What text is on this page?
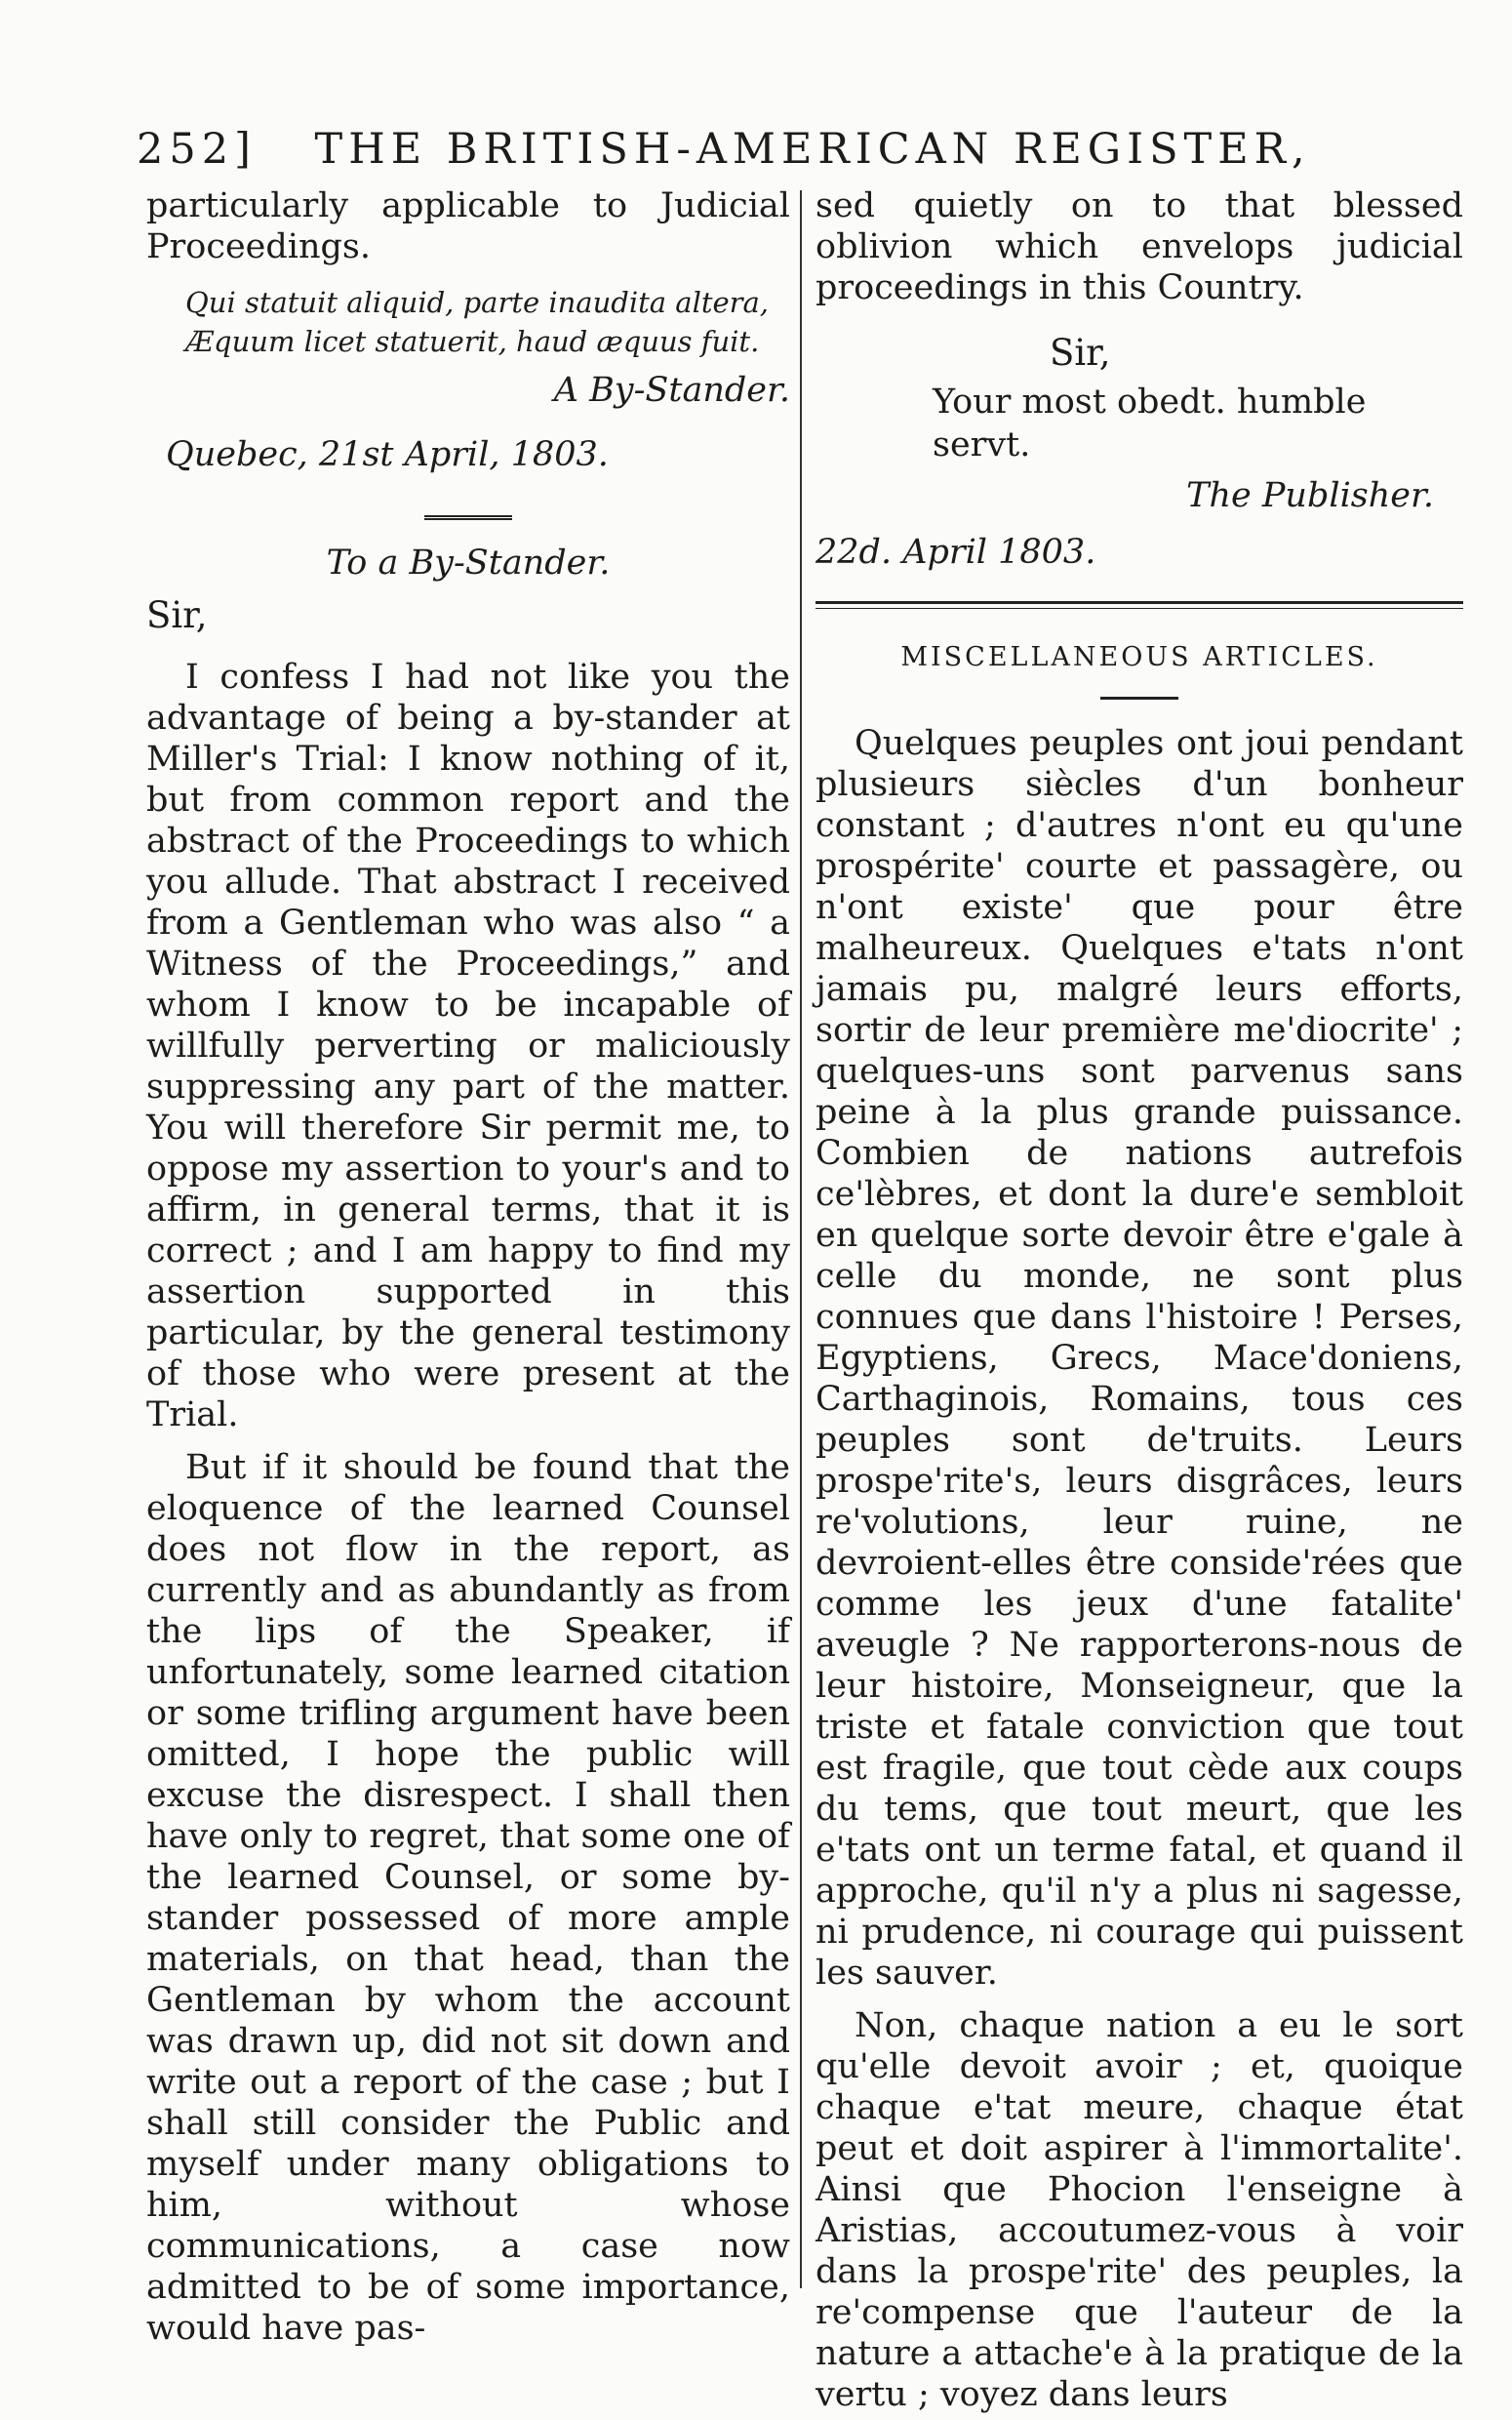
252] THE BRITISH-AMERICAN REGISTER,

particularly applicable to Judicial Proceedings.

Qui statuit aliquid, parte inaudita altera,
Æquum licet statuerit, haud æquus fuit.
A By-Stander.
Quebec, 21st April, 1803.
To a By-Stander.
Sir,

I confess I had not like you the advantage of being a by-stander at Miller's Trial: I know nothing of it, but from common report and the abstract of the Proceedings to which you allude. That abstract I received from a Gentleman who was also “ a Witness of the Proceedings,” and whom I know to be incapable of willfully perverting or maliciously suppressing any part of the matter. You will therefore Sir permit me, to oppose my assertion to your's and to affirm, in general terms, that it is correct ; and I am happy to find my assertion supported in this particular, by the general testimony of those who were present at the Trial.

But if it should be found that the eloquence of the learned Counsel does not flow in the report, as currently and as abundantly as from the lips of the Speaker, if unfortunately, some learned citation or some trifling argument have been omitted, I hope the public will excuse the disrespect. I shall then have only to regret, that some one of the learned Counsel, or some by-stander possessed of more ample materials, on that head, than the Gentleman by whom the account was drawn up, did not sit down and write out a report of the case ; but I shall still consider the Public and myself under many obligations to him, without whose communications, a case now admitted to be of some importance, would have pas-

sed quietly on to that blessed oblivion which envelops judicial proceedings in this Country.

Sir,
Your most obedt. humble servt.
The Publisher.
22d. April 1803.
MISCELLANEOUS ARTICLES.

Quelques peuples ont joui pendant plusieurs siècles d'un bonheur constant ; d'autres n'ont eu qu'une prospérite' courte et passagère, ou n'ont existe' que pour être malheureux. Quelques e'tats n'ont jamais pu, malgré leurs efforts, sortir de leur première me'diocrite' ; quelques-uns sont parvenus sans peine à la plus grande puissance. Combien de nations autrefois ce'lèbres, et dont la dure'e sembloit en quelque sorte devoir être e'gale à celle du monde, ne sont plus connues que dans l'histoire ! Perses, Egyptiens, Grecs, Mace'doniens, Carthaginois, Romains, tous ces peuples sont de'truits. Leurs prospe'rite's, leurs disgrâces, leurs re'volutions, leur ruine, ne devroient-elles être conside'rées que comme les jeux d'une fatalite' aveugle ? Ne rapporterons-nous de leur histoire, Monseigneur, que la triste et fatale conviction que tout est fragile, que tout cède aux coups du tems, que tout meurt, que les e'tats ont un terme fatal, et quand il approche, qu'il n'y a plus ni sagesse, ni prudence, ni courage qui puissent les sauver.

Non, chaque nation a eu le sort qu'elle devoit avoir ; et, quoique chaque e'tat meure, chaque état peut et doit aspirer à l'immortalite'. Ainsi que Phocion l'enseigne à Aristias, accoutumez-vous à voir dans la prospe'rite' des peuples, la re'compense que l'auteur de la nature a attache'e à la pratique de la vertu ; voyez dans leurs
